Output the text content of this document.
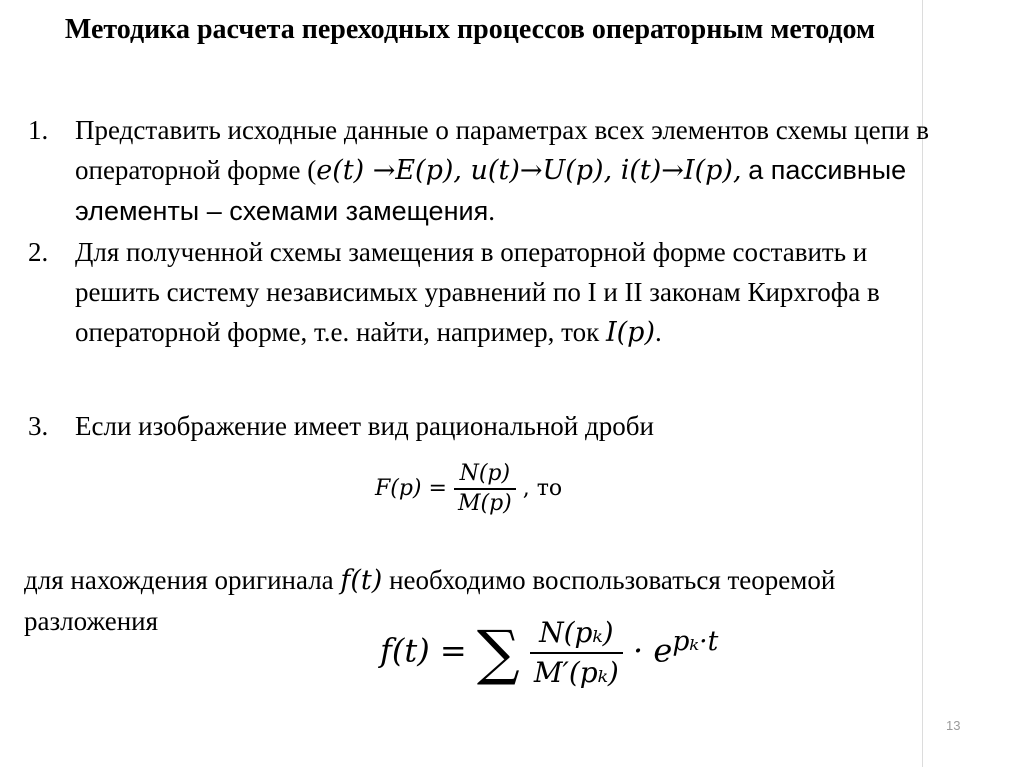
Методика расчета переходных процессов операторным методом
1. Представить исходные данные о параметрах всех элементов схемы цепи в операторной форме (e(t) →E(p), u(t)→U(p), i(t)→I(p), а пассивные элементы – схемами замещения.
2. Для полученной схемы замещения в операторной форме составить и решить систему независимых уравнений по I и II законам Кирхгофа в операторной форме, т.е. найти, например, ток I(p).
3. Если изображение имеет вид рациональной дроби
$F(p) = \frac{N(p)}{M(p)}$ , то
для нахождения оригинала f(t) необходимо воспользоваться теоремой разложения
f(t) = ∑ $\frac{\text{N(pₖ)}}{\text{M′(pₖ)}} \cdot e^{p_k\cdot t}$
13
